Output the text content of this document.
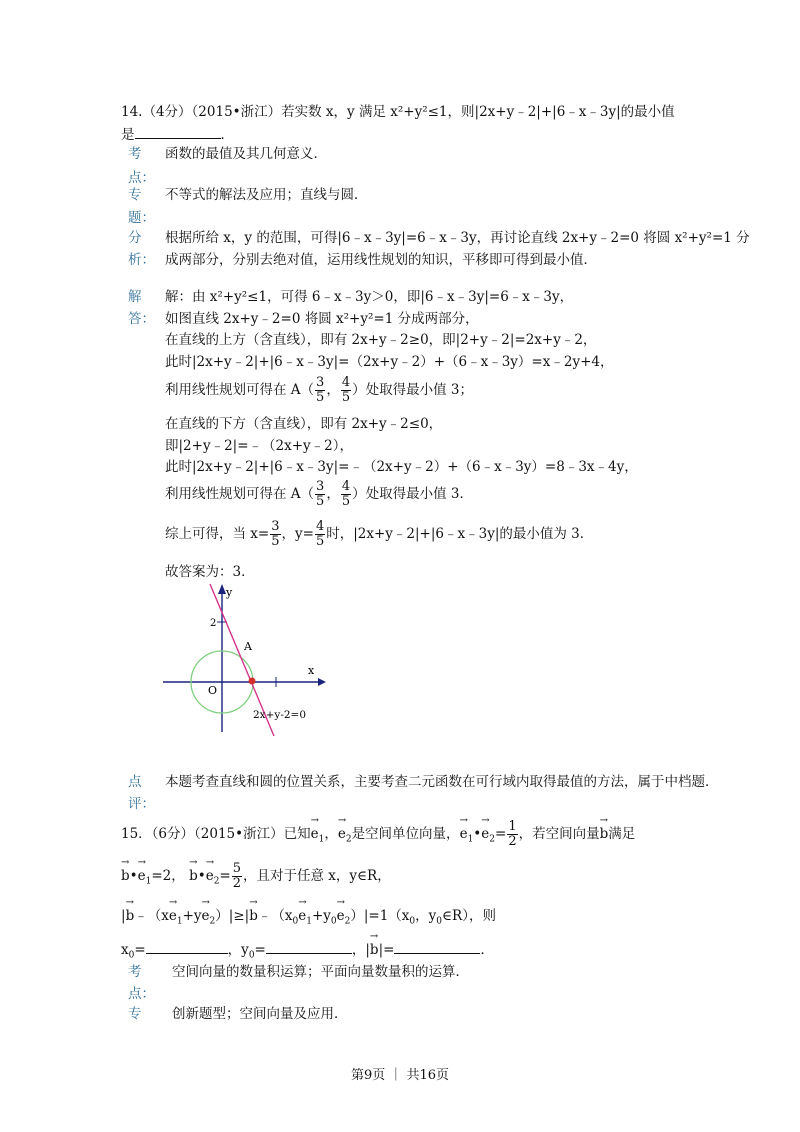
14.（4分）（2015•浙江）若实数 x，y 满足 x²+y²≤1，则|2x+y﹣2|+|6﹣x﹣3y|的最小值
是	．
考
点：
函数的最值及其几何意义．
专
题：
不等式的解法及应用；直线与圆．
分
析：
根据所给 x，y 的范围，可得|6﹣x﹣3y|=6﹣x﹣3y，再讨论直线 2x+y﹣2=0 将圆 x²+y²=1 分
成两部分，分别去绝对值，运用线性规划的知识，平移即可得到最小值．
解
答：
解：由 x²+y²≤1，可得 6﹣x﹣3y＞0，即|6﹣x﹣3y|=6﹣x﹣3y，
如图直线 2x+y﹣2=0 将圆 x²+y²=1 分成两部分，
在直线的上方（含直线），即有 2x+y﹣2≥0，即|2+y﹣2|=2x+y﹣2，
此时|2x+y﹣2|+|6﹣x﹣3y|=（2x+y﹣2）+（6﹣x﹣3y）=x﹣2y+4，
利用线性规划可得在 $A( \frac{3}{5}$ ， $\frac{4}{5}$ ）处取得最小值 3；
在直线的下方（含直线），即有 2x+y﹣2≤0，
即|2+y﹣2|=﹣（2x+y﹣2），
此时|2x+y﹣2|+|6﹣x﹣3y|=﹣（2x+y﹣2）+（6﹣x﹣3y）=8﹣3x﹣4y，
利用线性规划可得在 $A( \frac{3}{5}$ ， $\frac{4}{5}$ ）处取得最小值 3．
综上可得，当 $x= \frac{3}{5}$ ，$y= \frac{4}{5}$ 时，|2x+y﹣2|+|6﹣x﹣3y|的最小值为 3．
故答案为：3．
y
x
2
A
O
2x+y-2=0
点
评：
本题考查直线和圆的位置关系，主要考查二元函数在可行域内取得最值的方法，属于中档题．
15．（6分）（2015•浙江）已知→ $e_1$，→ $e_2$是空间单位向量，→ $e_1•\to e_2= \frac{1}{2}$ ，若空间向量→ b满足
→ b•→ $e_1=2$， → b•→ $e_2= \frac{5}{2}$ ，且对于任意 x，y∈R，
|→ b﹣（x→ $e_1+y\to e_2)|\ge|\to$ $b﹣(x_0\to e_1+y_0\to e_2)|=1(x_0$，$y_0\in R$），则
$x_0=$	，$y_0=$	，|→ b|=	．
考
点：
空间向量的数量积运算；平面向量数量积的运算．
专 创新题型；空间向量及应用．
第9页 ｜ 共16页
